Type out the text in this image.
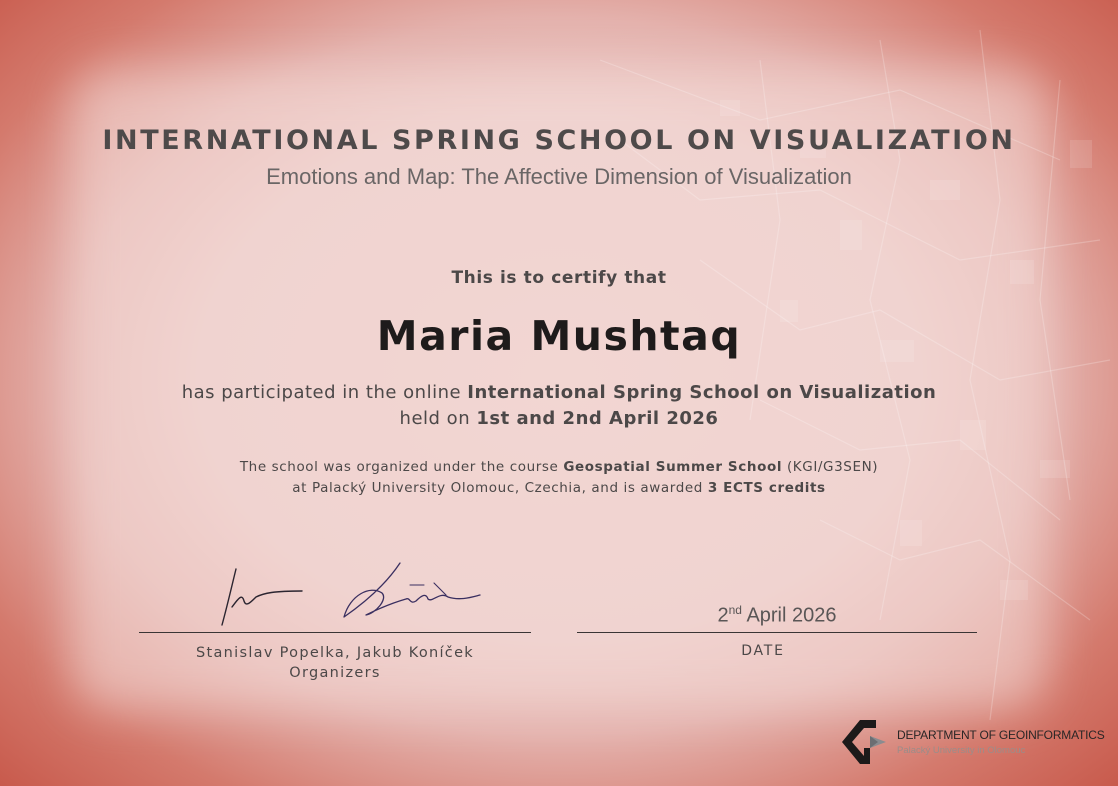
INTERNATIONAL SPRING SCHOOL ON VISUALIZATION
Emotions and Map: The Affective Dimension of Visualization
This is to certify that
Maria Mushtaq
has participated in the online International Spring School on Visualization
held on 1st and 2nd April 2026
The school was organized under the course Geospatial Summer School (KGI/G3SEN)
at Palacký University Olomouc, Czechia, and is awarded 3 ECTS credits
Stanislav Popelka, Jakub Koníček
Organizers
2nd April 2026
DATE
DEPARTMENT OF GEOINFORMATICS
Palacký University in Olomouc
